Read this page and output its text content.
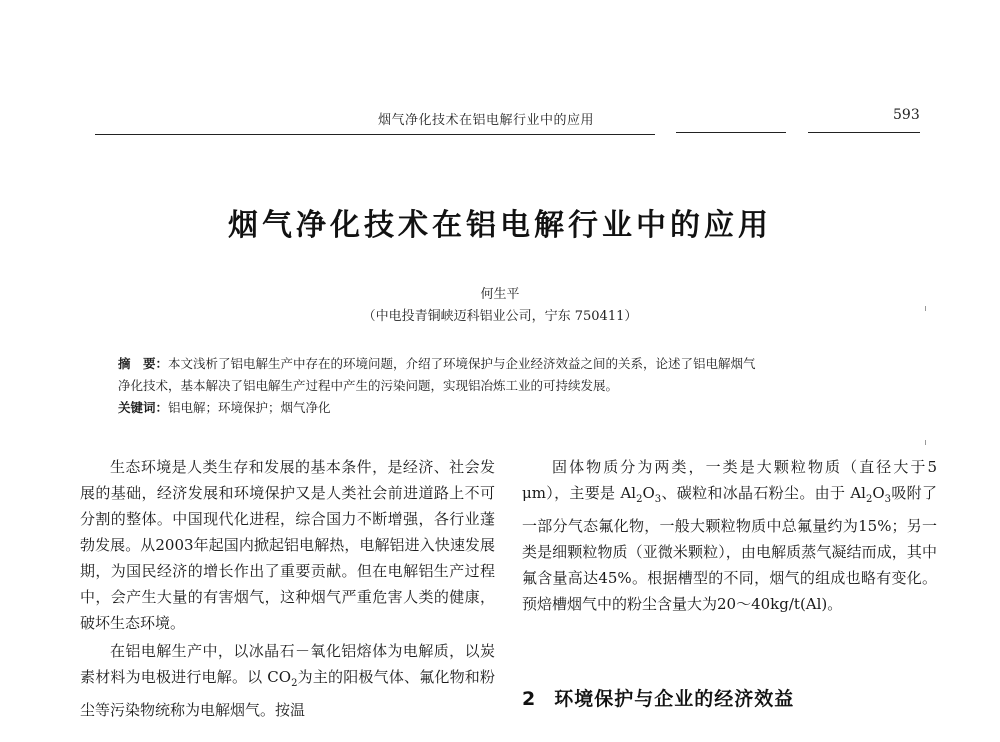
烟气净化技术在铝电解行业中的应用	593
烟气净化技术在铝电解行业中的应用
何生平
（中电投青铜峡迈科铝业公司，宁东 750411）
摘　要：本文浅析了铝电解生产中存在的环境问题，介绍了环境保护与企业经济效益之间的关系，论述了铝电解烟气
净化技术，基本解决了铝电解生产过程中产生的污染问题，实现铝冶炼工业的可持续发展。
关键词：铝电解；环境保护；烟气净化

生态环境是人类生存和发展的基本条件，是经济、社会发展的基础，经济发展和环境保护又是人类社会前进道路上不可分割的整体。中国现代化进程，综合国力不断增强，各行业蓬勃发展。从2003年起国内掀起铝电解热，电解铝进入快速发展期，为国民经济的增长作出了重要贡献。但在电解铝生产过程中，会产生大量的有害烟气，这种烟气严重危害人类的健康，破坏生态环境。

在铝电解生产中，以冰晶石－氧化铝熔体为电解质，以炭素材料为电极进行电解。以 $CO_2$为主的阳极气体、氟化物和粉尘等污染物统称为电解烟气。按温

固体物质分为两类，一类是大颗粒物质（直径大于5 μm），主要是 $Al_2O_3$、碳粒和冰晶石粉尘。由于 $Al_2O_3$吸附了一部分气态氟化物，一般大颗粒物质中总氟量约为15%；另一类是细颗粒物质（亚微米颗粒），由电解质蒸气凝结而成，其中氟含量高达45%。根据槽型的不同，烟气的组成也略有变化。预焙槽烟气中的粉尘含量大为20～40kg/t(Al)。

2 环境保护与企业的经济效益
